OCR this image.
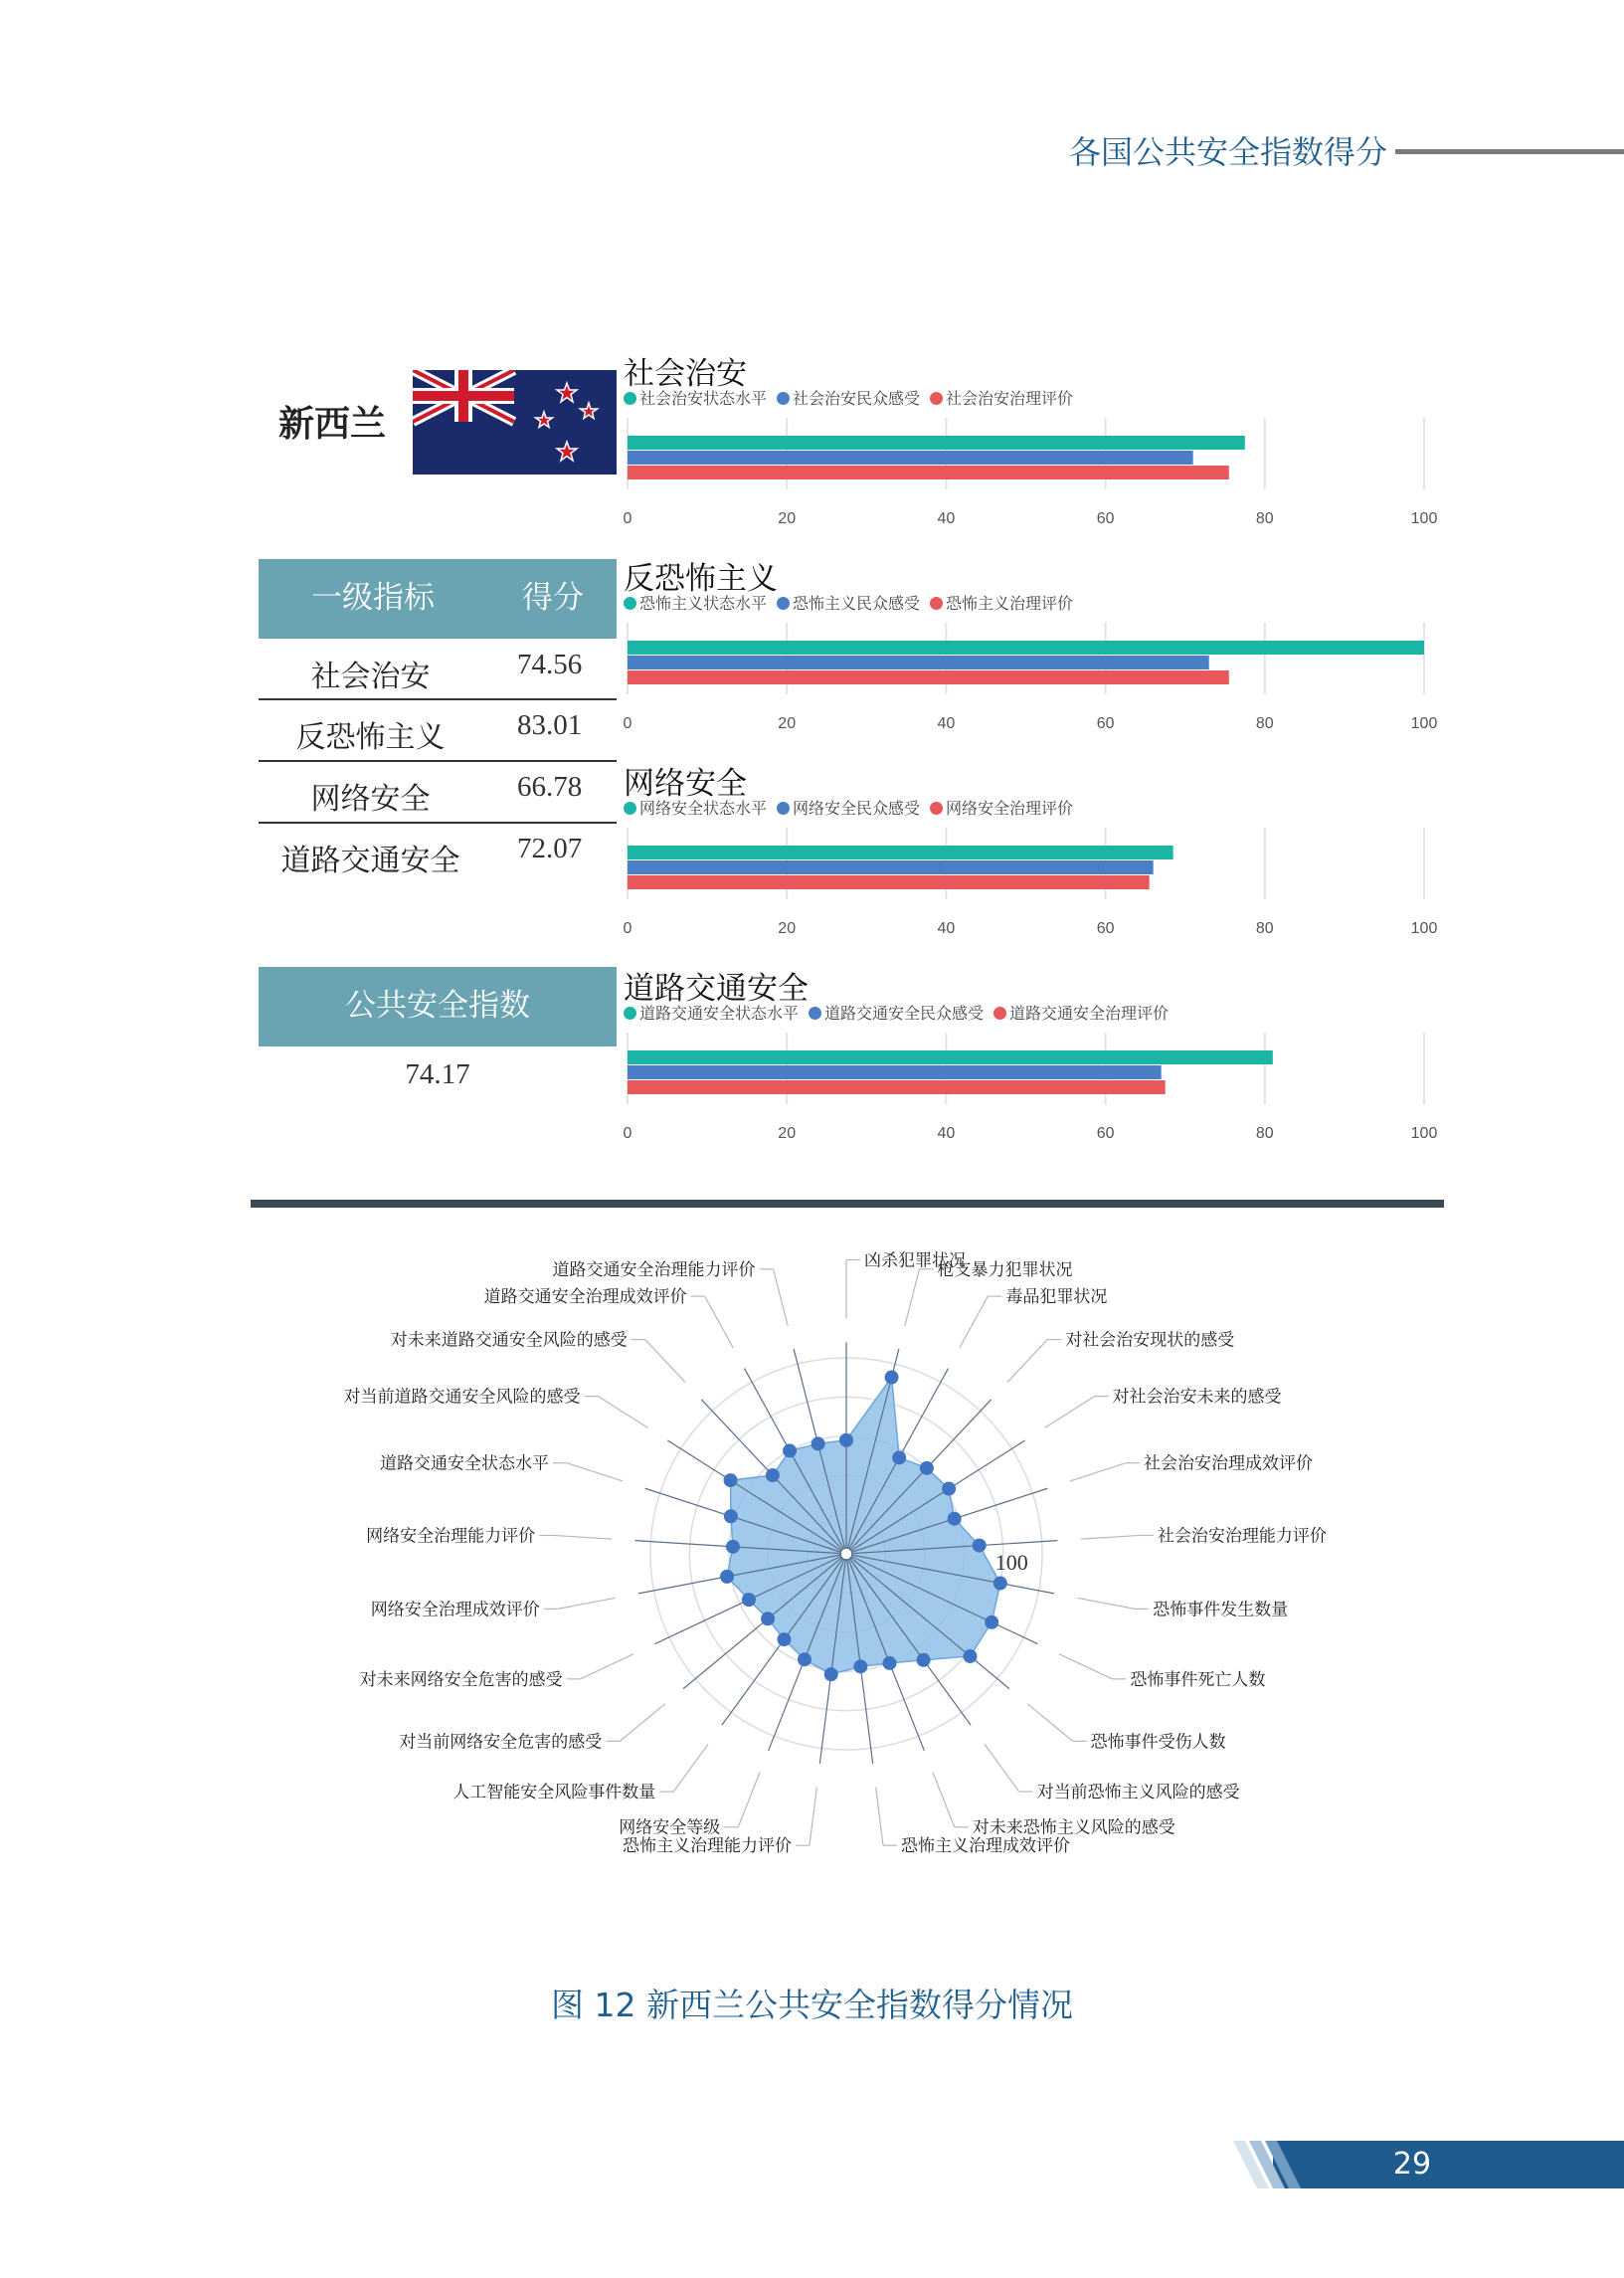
各国公共安全指数得分
新西兰
一级指标	得分
社会治安	74.56
反恐怖主义	83.01
网络安全	66.78
道路交通安全	72.07
公共安全指数
74.17
社会治安
社会治安状态水平 社会治安民众感受 社会治安治理评价
0	20	40	60	80	100
反恐怖主义
恐怖主义状态水平 恐怖主义民众感受 恐怖主义治理评价
0	20	40	60	80	100
网络安全
网络安全状态水平 网络安全民众感受 网络安全治理评价
0	20	40	60	80	100
道路交通安全
道路交通安全状态水平 道路交通安全民众感受 道路交通安全治理评价
0	20	40	60	80	100
100
凶杀犯罪状况
枪支暴力犯罪状况
毒品犯罪状况
对社会治安现状的感受
对社会治安未来的感受
社会治安治理成效评价
社会治安治理能力评价
恐怖事件发生数量
恐怖事件死亡人数
恐怖事件受伤人数
对当前恐怖主义风险的感受
对未来恐怖主义风险的感受
恐怖主义治理成效评价
恐怖主义治理能力评价
网络安全等级
人工智能安全风险事件数量
对当前网络安全危害的感受
对未来网络安全危害的感受
网络安全治理成效评价
网络安全治理能力评价
道路交通安全状态水平
对当前道路交通安全风险的感受
对未来道路交通安全风险的感受
道路交通安全治理成效评价
道路交通安全治理能力评价
图 12 新西兰公共安全指数得分情况
29
